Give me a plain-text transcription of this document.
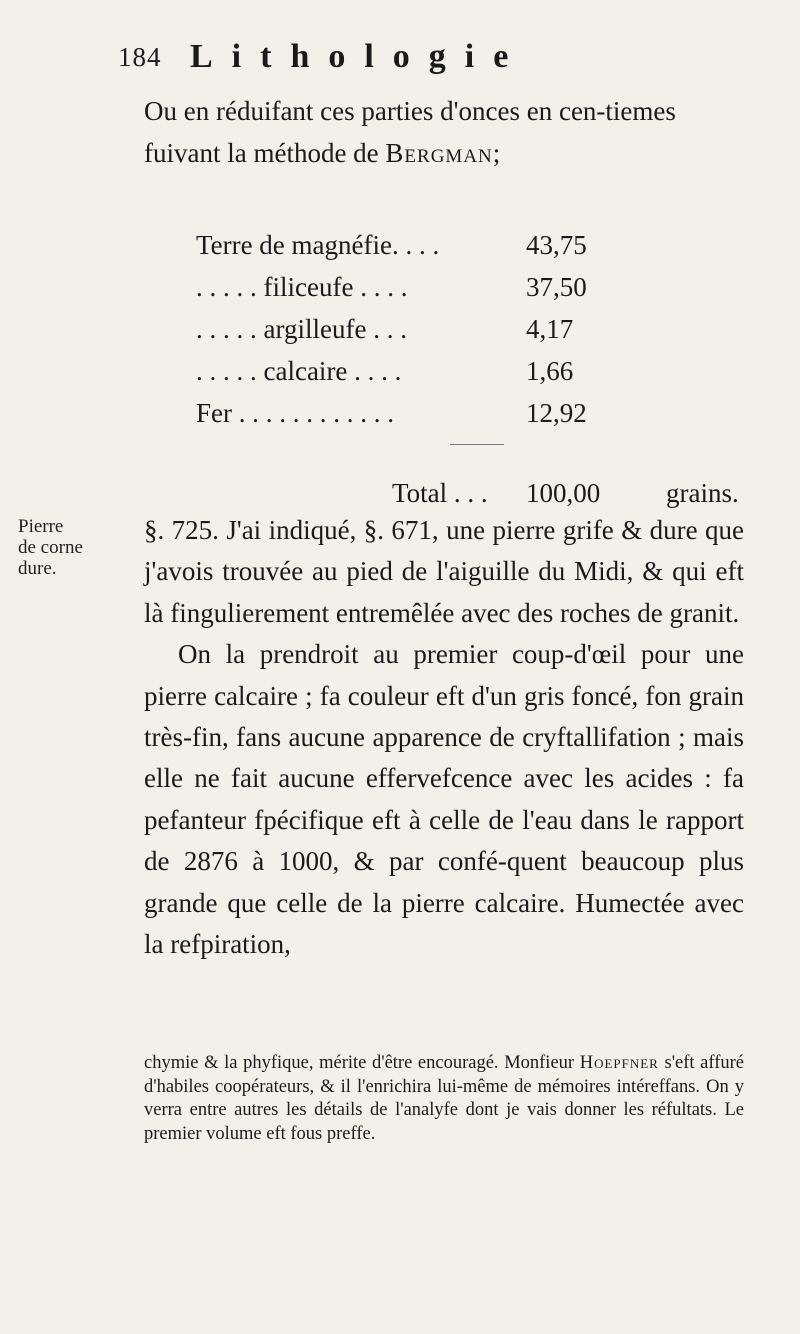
184 Lithologie

Ou en réduifant ces parties d'onces en cen-tiemes fuivant la méthode de Bergman;

Terre de magnéfie. . . .	43,75
. . . . . filiceufe . . . .	37,50
. . . . . argilleufe . . .	4,17
. . . . . calcaire . . . .	1,66
Fer . . . . . . . . . . . .	12,92
Total . . . 100,00 grains.
Pierre
de corne
dure.

§. 725. J'ai indiqué, §. 671, une pierre grife & dure que j'avois trouvée au pied de l'aiguille du Midi, & qui eft là fingulierement entremêlée avec des roches de granit.

On la prendroit au premier coup-d'œil pour une pierre calcaire ; fa couleur eft d'un gris foncé, fon grain très-fin, fans aucune apparence de cryftallifation ; mais elle ne fait aucune effervefcence avec les acides : fa pefanteur fpécifique eft à celle de l'eau dans le rapport de 2876 à 1000, & par confé-quent beaucoup plus grande que celle de la pierre calcaire. Humectée avec la refpiration,

chymie & la phyfique, mérite d'être encouragé. Monfieur Hoepfner s'eft affuré d'habiles coopérateurs, & il l'enrichira lui-même de mémoires intéreffans. On y verra entre autres les détails de l'analyfe dont je vais donner les réfultats. Le premier volume eft fous preffe.
